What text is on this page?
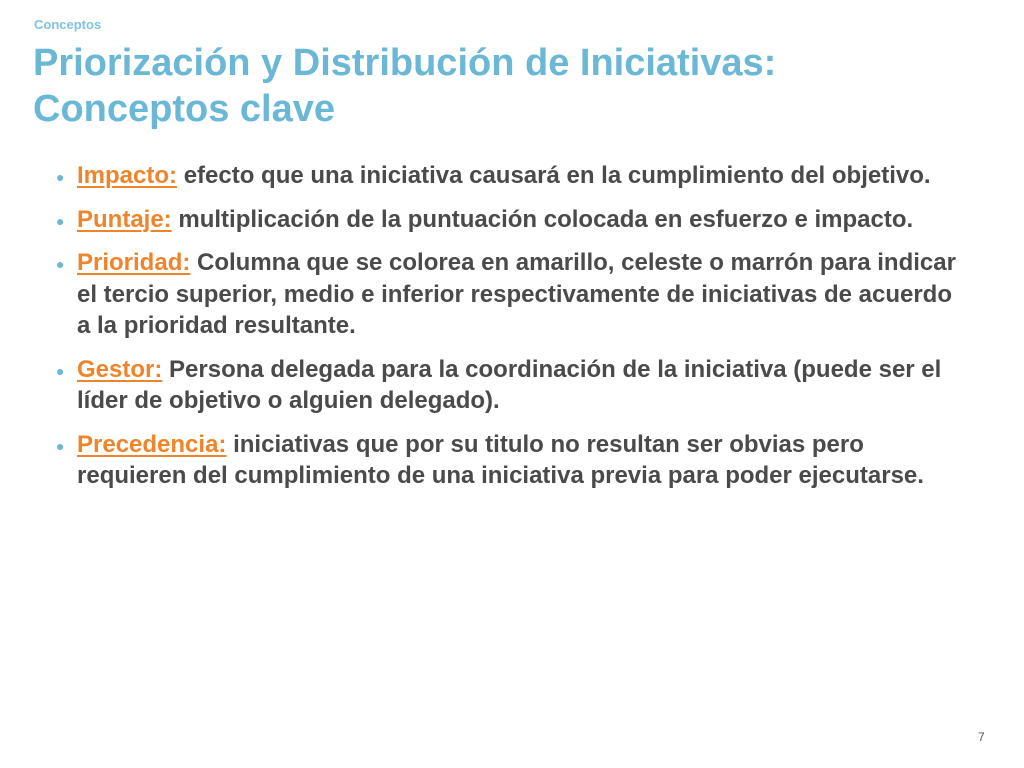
Conceptos
Priorización y Distribución de Iniciativas:
Conceptos clave
● Impacto: efecto que una iniciativa causará en la cumplimiento del objetivo.
● Puntaje: multiplicación de la puntuación colocada en esfuerzo e impacto.
● Prioridad: Columna que se colorea en amarillo, celeste o marrón para indicar el tercio superior, medio e inferior respectivamente de iniciativas de acuerdo a la prioridad resultante.
● Gestor: Persona delegada para la coordinación de la iniciativa (puede ser el líder de objetivo o alguien delegado).
● Precedencia: iniciativas que por su titulo no resultan ser obvias pero requieren del cumplimiento de una iniciativa previa para poder ejecutarse.
7
